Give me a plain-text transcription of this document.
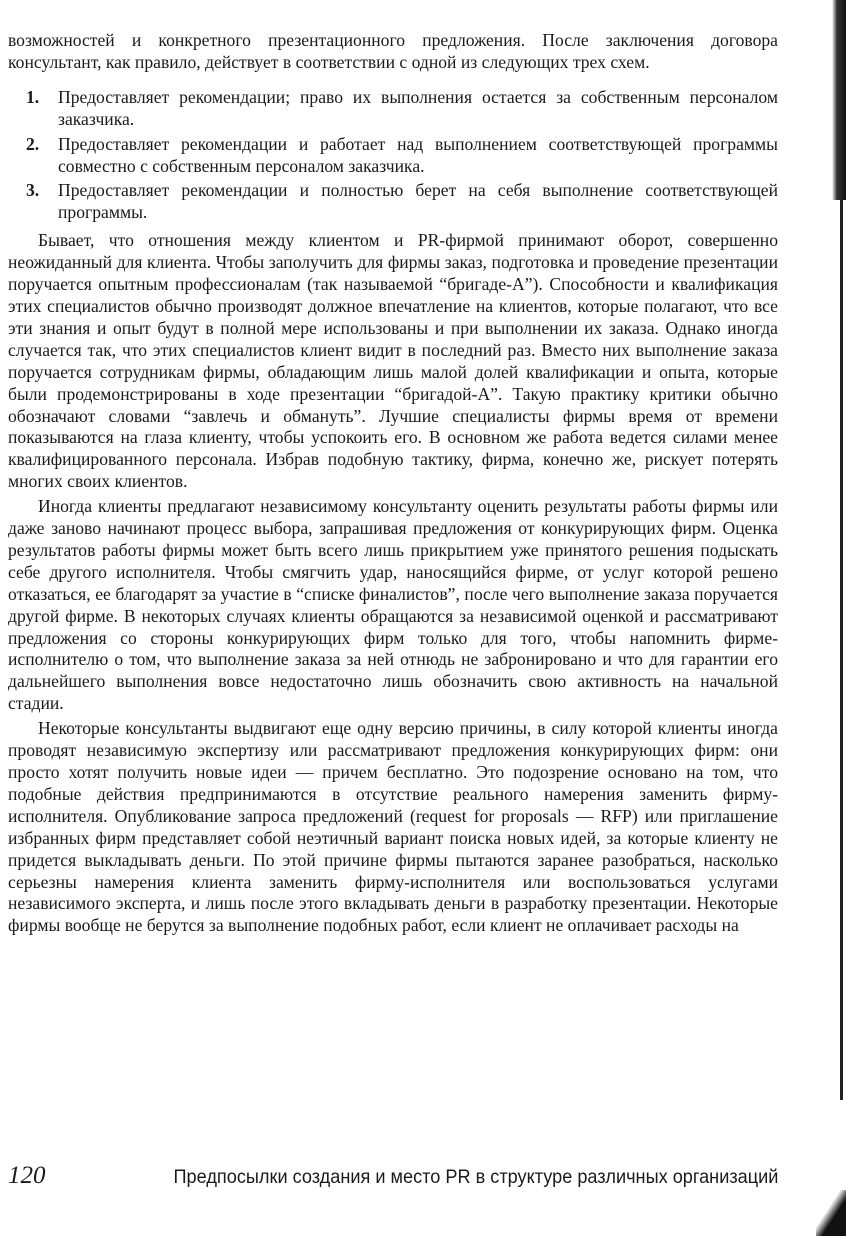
возможностей и конкретного презентационного предложения. После заключения договора консультант, как правило, действует в соответствии с одной из следующих трех схем.

1.	Предоставляет рекомендации; право их выполнения остается за собственным персоналом заказчика.
2.	Предоставляет рекомендации и работает над выполнением соответствующей программы совместно с собственным персоналом заказчика.
3.	Предоставляет рекомендации и полностью берет на себя выполнение соответствующей программы.

Бывает, что отношения между клиентом и PR-фирмой принимают оборот, совершенно неожиданный для клиента. Чтобы заполучить для фирмы заказ, подготовка и проведение презентации поручается опытным профессионалам (так называемой “бригаде-А”). Способности и квалификация этих специалистов обычно производят должное впечатление на клиентов, которые полагают, что все эти знания и опыт будут в полной мере использованы и при выполнении их заказа. Однако иногда случается так, что этих специалистов клиент видит в последний раз. Вместо них выполнение заказа поручается сотрудникам фирмы, обладающим лишь малой долей квалификации и опыта, которые были продемонстрированы в ходе презентации “бригадой-А”. Такую практику критики обычно обозначают словами “завлечь и обмануть”. Лучшие специалисты фирмы время от времени показываются на глаза клиенту, чтобы успокоить его. В основном же работа ведется силами менее квалифицированного персонала. Избрав подобную тактику, фирма, конечно же, рискует потерять многих своих клиентов.

Иногда клиенты предлагают независимому консультанту оценить результаты работы фирмы или даже заново начинают процесс выбора, запрашивая предложения от конкурирующих фирм. Оценка результатов работы фирмы может быть всего лишь прикрытием уже принятого решения подыскать себе другого исполнителя. Чтобы смягчить удар, наносящийся фирме, от услуг которой решено отказаться, ее благодарят за участие в “списке финалистов”, после чего выполнение заказа поручается другой фирме. В некоторых случаях клиенты обращаются за независимой оценкой и рассматривают предложения со стороны конкурирующих фирм только для того, чтобы напомнить фирме-исполнителю о том, что выполнение заказа за ней отнюдь не забронировано и что для гарантии его дальнейшего выполнения вовсе недостаточно лишь обозначить свою активность на начальной стадии.

Некоторые консультанты выдвигают еще одну версию причины, в силу которой клиенты иногда проводят независимую экспертизу или рассматривают предложения конкурирующих фирм: они просто хотят получить новые идеи — причем бесплатно. Это подозрение основано на том, что подобные действия предпринимаются в отсутствие реального намерения заменить фирму-исполнителя. Опубликование запроса предложений (request for proposals — RFP) или приглашение избранных фирм представляет собой неэтичный вариант поиска новых идей, за которые клиенту не придется выкладывать деньги. По этой причине фирмы пытаются заранее разобраться, насколько серьезны намерения клиента заменить фирму-исполнителя или воспользоваться услугами независимого эксперта, и лишь после этого вкладывать деньги в разработку презентации. Некоторые фирмы вообще не берутся за выполнение подобных работ, если клиент не оплачивает расходы на

120	Предпосылки создания и место PR в структуре различных организаций
